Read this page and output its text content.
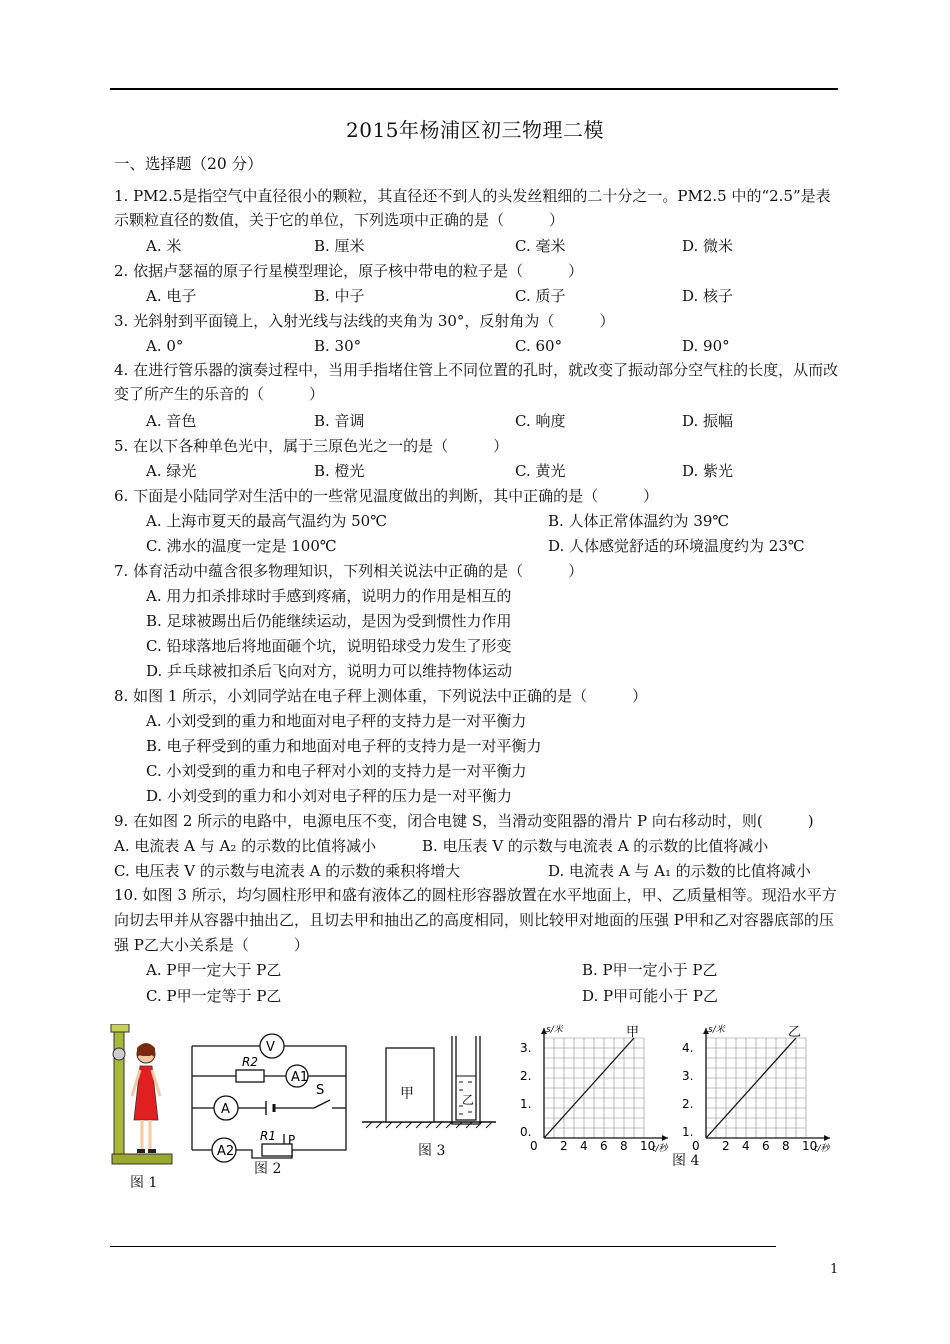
2015年杨浦区初三物理二模
一、选择题（20 分）
1. PM2.5是指空气中直径很小的颗粒，其直径还不到人的头发丝粗细的二十分之一。PM2.5 中的“2.5”是表示颗粒直径的数值，关于它的单位，下列选项中正确的是（　　　）
A. 米	B. 厘米	C. 毫米	D. 微米
2. 依据卢瑟福的原子行星模型理论，原子核中带电的粒子是（　　　）
A. 电子	B. 中子	C. 质子	D. 核子
3. 光斜射到平面镜上，入射光线与法线的夹角为 30°，反射角为（　　　）
A. 0°	B. 30°	C. 60°	D. 90°
4. 在进行管乐器的演奏过程中，当用手指堵住管上不同位置的孔时，就改变了振动部分空气柱的长度，从而改变了所产生的乐音的（　　　）
A. 音色	B. 音调	C. 响度	D. 振幅
5. 在以下各种单色光中，属于三原色光之一的是（　　　）
A. 绿光	B. 橙光	C. 黄光	D. 紫光
6. 下面是小陆同学对生活中的一些常见温度做出的判断，其中正确的是（　　　）
A. 上海市夏天的最高气温约为 50℃	B. 人体正常体温约为 39℃
C. 沸水的温度一定是 100℃	D. 人体感觉舒适的环境温度约为 23℃
7. 体育活动中蕴含很多物理知识，下列相关说法中正确的是（　　　）
A. 用力扣杀排球时手感到疼痛，说明力的作用是相互的
B. 足球被踢出后仍能继续运动，是因为受到惯性力作用
C. 铅球落地后将地面砸个坑，说明铅球受力发生了形变
D. 乒乓球被扣杀后飞向对方，说明力可以维持物体运动
8. 如图 1 所示，小刘同学站在电子秤上测体重，下列说法中正确的是（　　　）
A. 小刘受到的重力和地面对电子秤的支持力是一对平衡力
B. 电子秤受到的重力和地面对电子秤的支持力是一对平衡力
C. 小刘受到的重力和电子秤对小刘的支持力是一对平衡力
D. 小刘受到的重力和小刘对电子秤的压力是一对平衡力
9. 在如图 2 所示的电路中，电源电压不变，闭合电键 S，当滑动变阻器的滑片 P 向右移动时，则(　　　)
A. 电流表 A 与 A₂ 的示数的比值将减小	B. 电压表 V 的示数与电流表 A 的示数的比值将减小
C. 电压表 V 的示数与电流表 A 的示数的乘积将增大	D. 电流表 A 与 A₁ 的示数的比值将减小
10. 如图 3 所示，均匀圆柱形甲和盛有液体乙的圆柱形容器放置在水平地面上，甲、乙质量相等。现沿水平方向切去甲并从容器中抽出乙，且切去甲和抽出乙的高度相同，则比较甲对地面的压强 P甲和乙对容器底部的压强 P乙大小关系是（　　　）
A. P甲一定大于 P乙	B. P甲一定小于 P乙
C. P甲一定等于 P乙	D. P甲可能小于 P乙
图 1
V
A1
R2
A
S
A2
R1 P
图 2
甲	乙
图 3
s/米
t/秒
甲
3.
2.
1.
0.
0 2 4 6 8 10
s/米
t/秒
乙
4.
3.
2.
1.
0 2 4 6 8 10
图 4
1
